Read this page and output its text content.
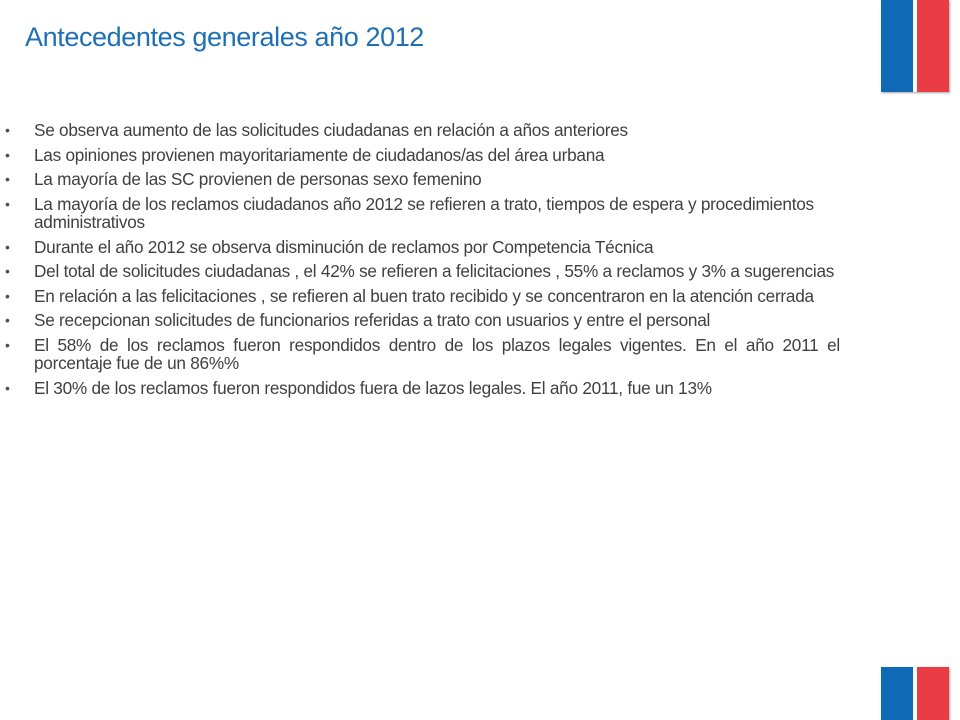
Antecedentes generales año 2012
• Se observa aumento de las solicitudes ciudadanas en relación a años anteriores
• Las opiniones provienen mayoritariamente de ciudadanos/as del área urbana
• La mayoría de las SC provienen de personas sexo femenino
• La mayoría de los reclamos ciudadanos año 2012 se refieren a trato, tiempos de espera y procedimientos administrativos
• Durante el año 2012 se observa disminución de reclamos por Competencia Técnica
• Del total de solicitudes ciudadanas , el 42% se refieren a felicitaciones , 55% a reclamos y 3% a sugerencias
• En relación a las felicitaciones , se refieren al buen trato recibido y se concentraron en la atención cerrada
• Se recepcionan solicitudes de funcionarios referidas a trato con usuarios y entre el personal
• El 58% de los reclamos fueron respondidos dentro de los plazos legales vigentes. En el año 2011 el porcentaje fue de un 86%%
• El 30% de los reclamos fueron respondidos fuera de lazos legales. El año 2011, fue un 13%
